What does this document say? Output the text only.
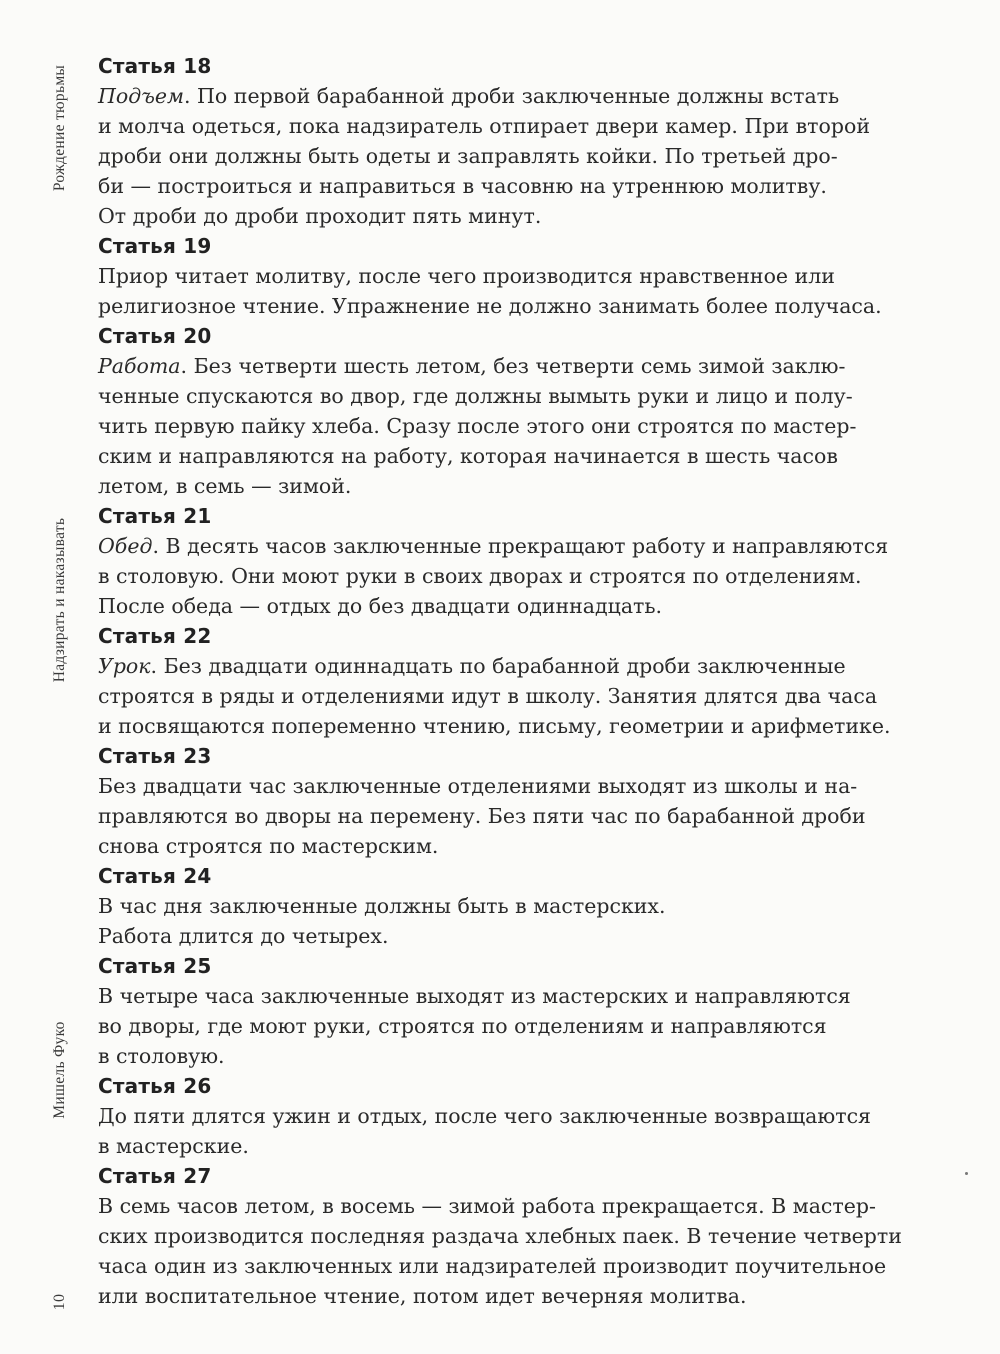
Рождение тюрьмы
Надзирать и наказывать
Мишель Фуко
10
Статья 18
Подъем. По первой барабанной дроби заключенные должны встать
и молча одеться, пока надзиратель отпирает двери камер. При второй
дроби они должны быть одеты и заправлять койки. По третьей дро-
би — построиться и направиться в часовню на утреннюю молитву.
От дроби до дроби проходит пять минут.
Статья 19
Приор читает молитву, после чего производится нравственное или
религиозное чтение. Упражнение не должно занимать более получаса.
Статья 20
Работа. Без четверти шесть летом, без четверти семь зимой заклю-
ченные спускаются во двор, где должны вымыть руки и лицо и полу-
чить первую пайку хлеба. Сразу после этого они строятся по мастер-
ским и направляются на работу, которая начинается в шесть часов
летом, в семь — зимой.
Статья 21
Обед. В десять часов заключенные прекращают работу и направляются
в столовую. Они моют руки в своих дворах и строятся по отделениям.
После обеда — отдых до без двадцати одиннадцать.
Статья 22
Урок. Без двадцати одиннадцать по барабанной дроби заключенные
строятся в ряды и отделениями идут в школу. Занятия длятся два часа
и посвящаются попеременно чтению, письму, геометрии и арифметике.
Статья 23
Без двадцати час заключенные отделениями выходят из школы и на-
правляются во дворы на перемену. Без пяти час по барабанной дроби
снова строятся по мастерским.
Статья 24
В час дня заключенные должны быть в мастерских.
Работа длится до четырех.
Статья 25
В четыре часа заключенные выходят из мастерских и направляются
во дворы, где моют руки, строятся по отделениям и направляются
в столовую.
Статья 26
До пяти длятся ужин и отдых, после чего заключенные возвращаются
в мастерские.
Статья 27
В семь часов летом, в восемь — зимой работа прекращается. В мастер-
ских производится последняя раздача хлебных паек. В течение четверти
часа один из заключенных или надзирателей производит поучительное
или воспитательное чтение, потом идет вечерняя молитва.
